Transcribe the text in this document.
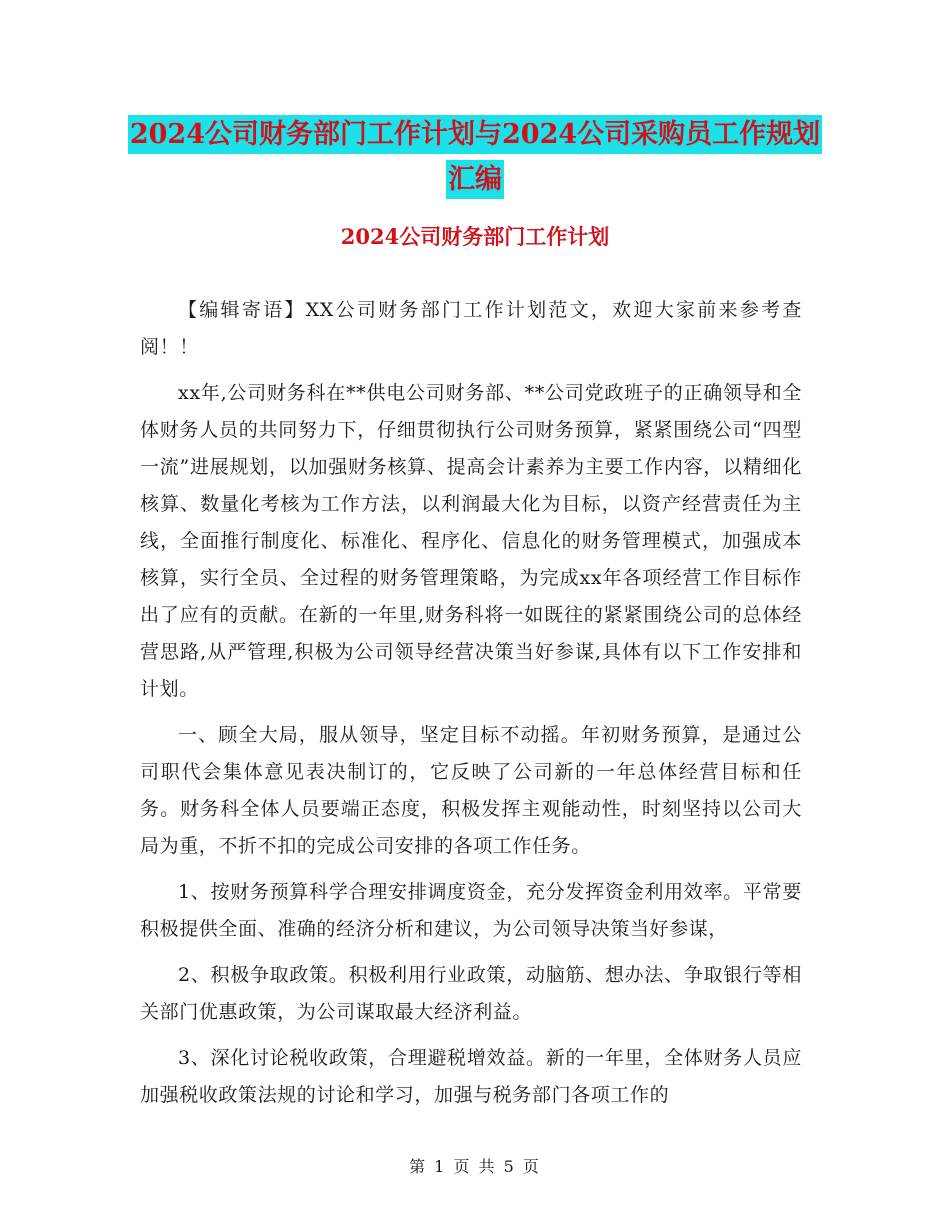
2024公司财务部门工作计划与2024公司采购员工作规划汇编
2024公司财务部门工作计划

【编辑寄语】XX公司财务部门工作计划范文，欢迎大家前来参考查阅！！

xx年,公司财务科在**供电公司财务部、**公司党政班子的正确领导和全体财务人员的共同努力下，仔细贯彻执行公司财务预算，紧紧围绕公司“四型一流”进展规划，以加强财务核算、提高会计素养为主要工作内容，以精细化核算、数量化考核为工作方法，以利润最大化为目标，以资产经营责任为主线，全面推行制度化、标准化、程序化、信息化的财务管理模式，加强成本核算，实行全员、全过程的财务管理策略，为完成xx年各项经营工作目标作出了应有的贡献。在新的一年里,财务科将一如既往的紧紧围绕公司的总体经营思路,从严管理,积极为公司领导经营决策当好参谋,具体有以下工作安排和计划。

一、顾全大局，服从领导，坚定目标不动摇。年初财务预算，是通过公司职代会集体意见表决制订的，它反映了公司新的一年总体经营目标和任务。财务科全体人员要端正态度，积极发挥主观能动性，时刻坚持以公司大局为重，不折不扣的完成公司安排的各项工作任务。

1、按财务预算科学合理安排调度资金，充分发挥资金利用效率。平常要积极提供全面、准确的经济分析和建议，为公司领导决策当好参谋，

2、积极争取政策。积极利用行业政策，动脑筋、想办法、争取银行等相关部门优惠政策，为公司谋取最大经济利益。

3、深化讨论税收政策，合理避税增效益。新的一年里，全体财务人员应加强税收政策法规的讨论和学习，加强与税务部门各项工作的

第 1 页 共 5 页
